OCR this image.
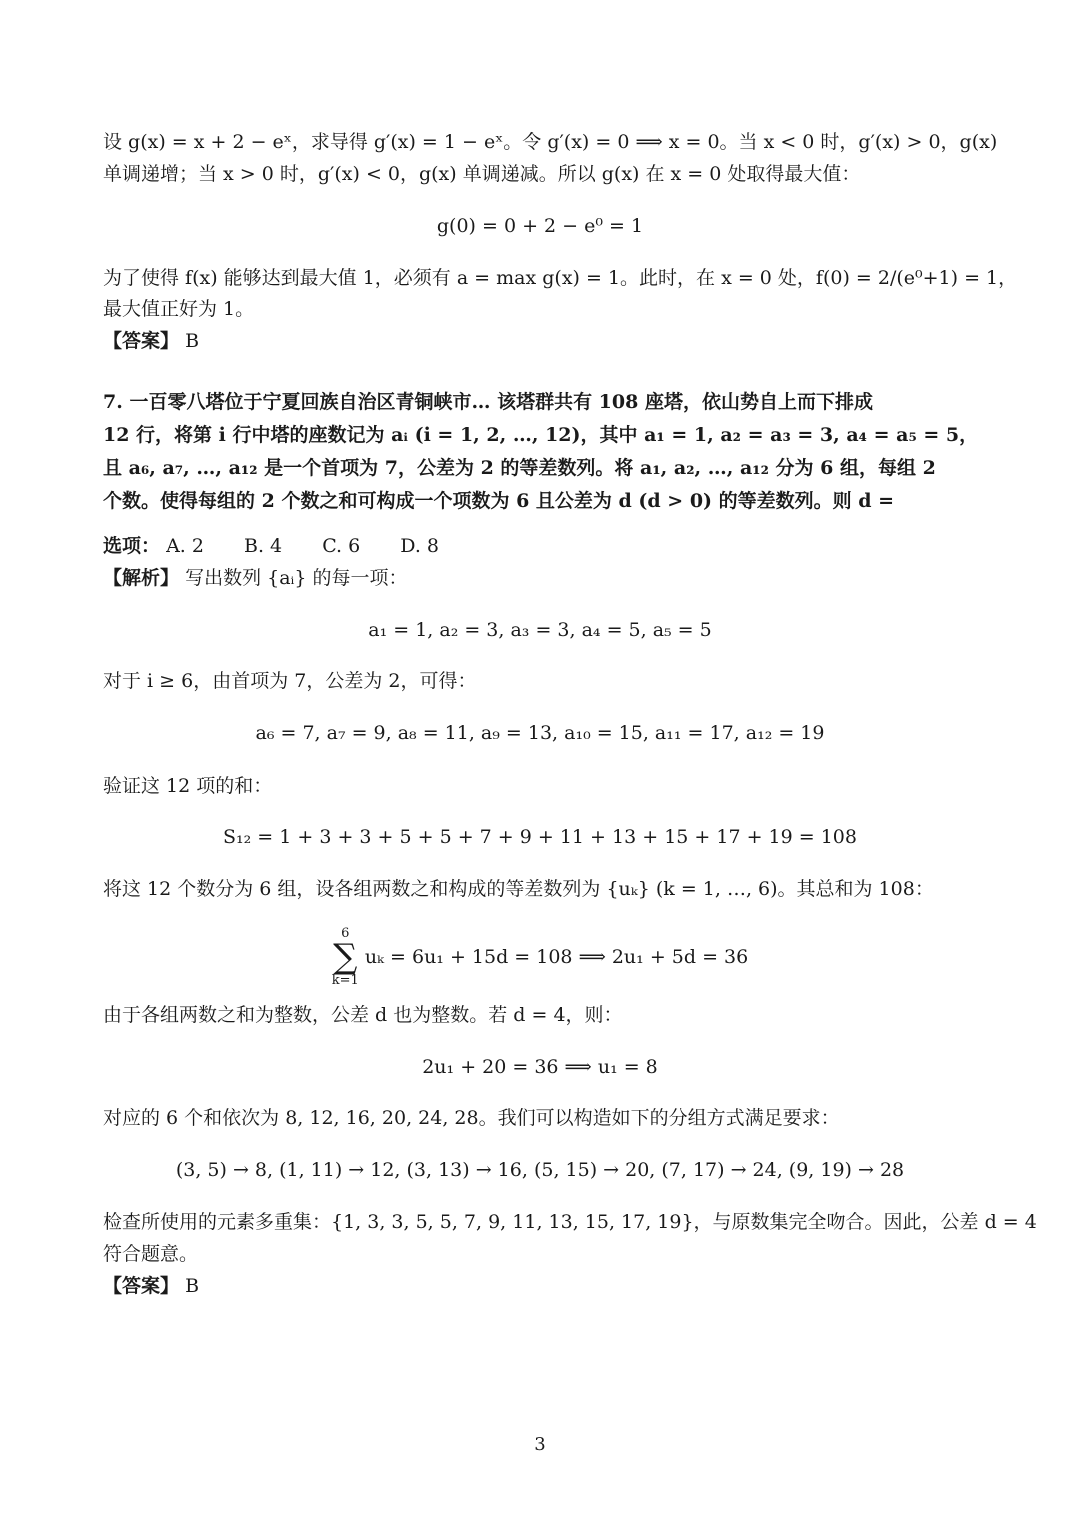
设 g(x) = x + 2 − eˣ，求导得 g′(x) = 1 − eˣ。令 g′(x) = 0 ⟹ x = 0。当 x < 0 时，g′(x) > 0，g(x)
单调递增；当 x > 0 时，g′(x) < 0，g(x) 单调递减。所以 g(x) 在 x = 0 处取得最大值：
g(0) = 0 + 2 − e⁰ = 1
为了使得 f(x) 能够达到最大值 1，必须有 a = max g(x) = 1。此时，在 x = 0 处，f(0) = 2/(e⁰+1) = 1，
最大值正好为 1。
【答案】 B
7. 一百零八塔位于宁夏回族自治区青铜峡市… 该塔群共有 108 座塔，依山势自上而下排成
12 行，将第 i 行中塔的座数记为 aᵢ (i = 1, 2, …, 12)，其中 a₁ = 1, a₂ = a₃ = 3, a₄ = a₅ = 5，
且 a₆, a₇, …, a₁₂ 是一个首项为 7，公差为 2 的等差数列。将 a₁, a₂, …, a₁₂ 分为 6 组，每组 2
个数。使得每组的 2 个数之和可构成一个项数为 6 且公差为 d (d > 0) 的等差数列。则 d =
选项： A. 2 B. 4 C. 6 D. 8
【解析】 写出数列 {aᵢ} 的每一项：
a₁ = 1, a₂ = 3, a₃ = 3, a₄ = 5, a₅ = 5
对于 i ≥ 6，由首项为 7，公差为 2，可得：
a₆ = 7, a₇ = 9, a₈ = 11, a₉ = 13, a₁₀ = 15, a₁₁ = 17, a₁₂ = 19
验证这 12 项的和：
S₁₂ = 1 + 3 + 3 + 5 + 5 + 7 + 9 + 11 + 13 + 15 + 17 + 19 = 108
将这 12 个数分为 6 组，设各组两数之和构成的等差数列为 {uₖ} (k = 1, …, 6)。其总和为 108：
6
∑
k=1
uₖ = 6u₁ + 15d = 108 ⟹ 2u₁ + 5d = 36
由于各组两数之和为整数，公差 d 也为整数。若 d = 4，则：
2u₁ + 20 = 36 ⟹ u₁ = 8
对应的 6 个和依次为 8, 12, 16, 20, 24, 28。我们可以构造如下的分组方式满足要求：
(3, 5) → 8, (1, 11) → 12, (3, 13) → 16, (5, 15) → 20, (7, 17) → 24, (9, 19) → 28
检查所使用的元素多重集：{1, 3, 3, 5, 5, 7, 9, 11, 13, 15, 17, 19}，与原数集完全吻合。因此，公差 d = 4
符合题意。
【答案】 B
3
